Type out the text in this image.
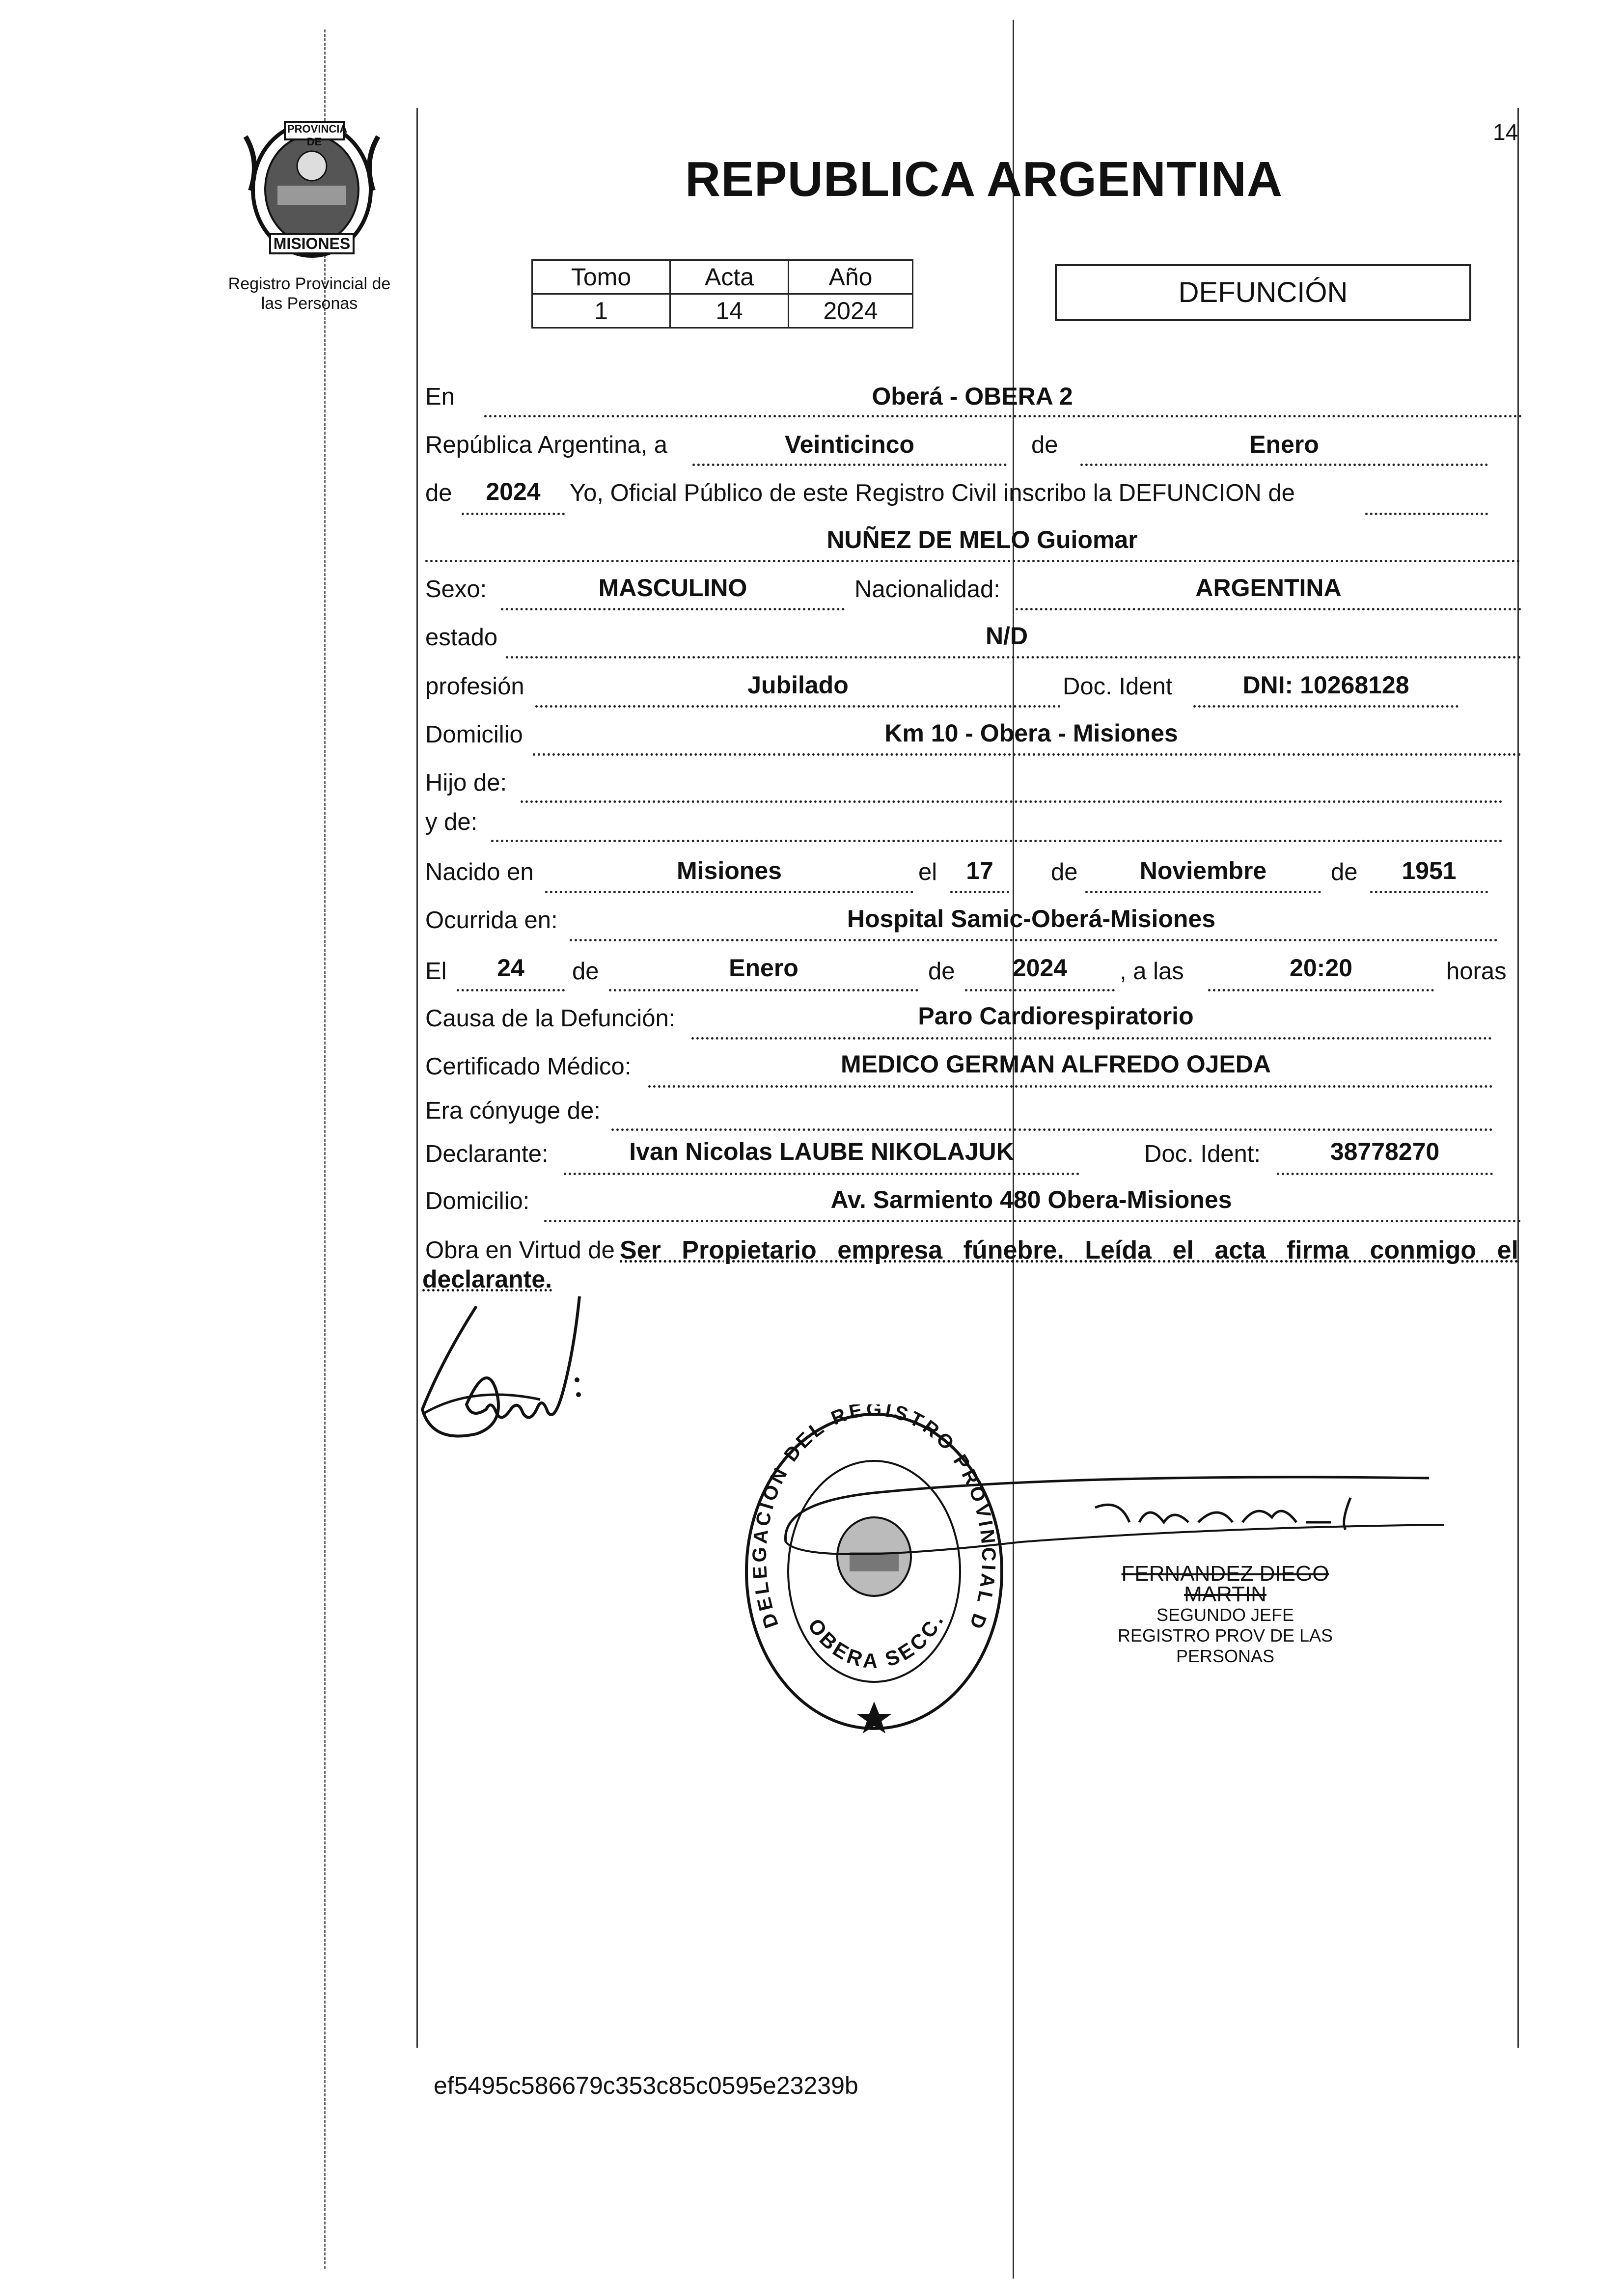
14
PROVINCIA DE
MISIONES
Registro Provincial de
las Personas
REPUBLICA ARGENTINA
Tomo	Acta	Año
1	14	2024
DEFUNCIÓN
En	Oberá - OBERA 2
República Argentina, a	Veinticinco	de	Enero
de	2024	Yo, Oficial Público de este Registro Civil inscribo la DEFUNCION de
NUÑEZ DE MELO Guiomar
Sexo:	MASCULINO	Nacionalidad:	ARGENTINA
estado	N/D
profesión	Jubilado	Doc. Ident	DNI: 10268128
Domicilio	Km 10 - Obera - Misiones
Hijo de:
y de:
Nacido en	Misiones	el	17	de	Noviembre	de	1951
Ocurrida en:	Hospital Samic-Oberá-Misiones
El	24	de	Enero	de	2024	, a las	20:20	horas
Causa de la Defunción:	Paro Cardiorespiratorio
Certificado Médico:	MEDICO GERMAN ALFREDO OJEDA
Era cónyuge de:
Declarante:	Ivan Nicolas LAUBE NIKOLAJUK	Doc. Ident:	38778270
Domicilio:	Av. Sarmiento 480 Obera-Misiones
Obra en Virtud de Ser Propietario empresa fúnebre. Leída el acta firma conmigo el
declarante.
DELEGACION DEL REGISTRO PROVINCIAL D
OBERA SECC.
FERNANDEZ DIEGO MARTIN
SEGUNDO JEFE
REGISTRO PROV DE LAS PERSONAS
ef5495c586679c353c85c0595e23239b
